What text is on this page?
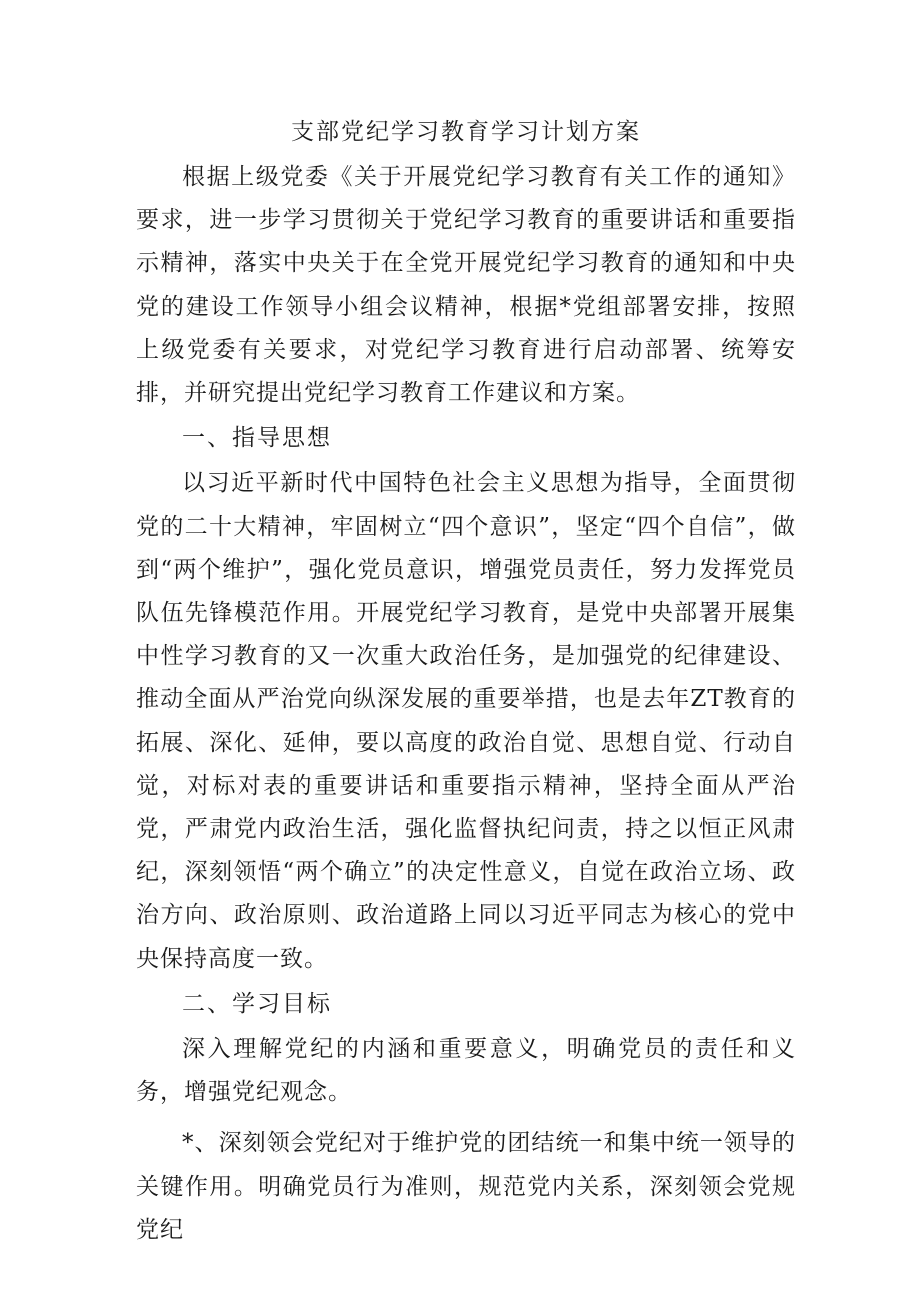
支部党纪学习教育学习计划方案

根据上级党委《关于开展党纪学习教育有关工作的通知》要求，进一步学习贯彻关于党纪学习教育的重要讲话和重要指示精神，落实中央关于在全党开展党纪学习教育的通知和中央党的建设工作领导小组会议精神，根据*党组部署安排，按照上级党委有关要求，对党纪学习教育进行启动部署、统筹安排，并研究提出党纪学习教育工作建议和方案。

一、指导思想

以习近平新时代中国特色社会主义思想为指导，全面贯彻党的二十大精神，牢固树立“四个意识”，坚定“四个自信”，做到“两个维护”，强化党员意识，增强党员责任，努力发挥党员队伍先锋模范作用。开展党纪学习教育，是党中央部署开展集中性学习教育的又一次重大政治任务，是加强党的纪律建设、推动全面从严治党向纵深发展的重要举措，也是去年ZT教育的拓展、深化、延伸，要以高度的政治自觉、思想自觉、行动自觉，对标对表的重要讲话和重要指示精神，坚持全面从严治党，严肃党内政治生活，强化监督执纪问责，持之以恒正风肃纪，深刻领悟“两个确立”的决定性意义，自觉在政治立场、政治方向、政治原则、政治道路上同以习近平同志为核心的党中央保持高度一致。

二、学习目标

深入理解党纪的内涵和重要意义，明确党员的责任和义务，增强党纪观念。

*、深刻领会党纪对于维护党的团结统一和集中统一领导的关键作用。明确党员行为准则，规范党内关系，深刻领会党规党纪
